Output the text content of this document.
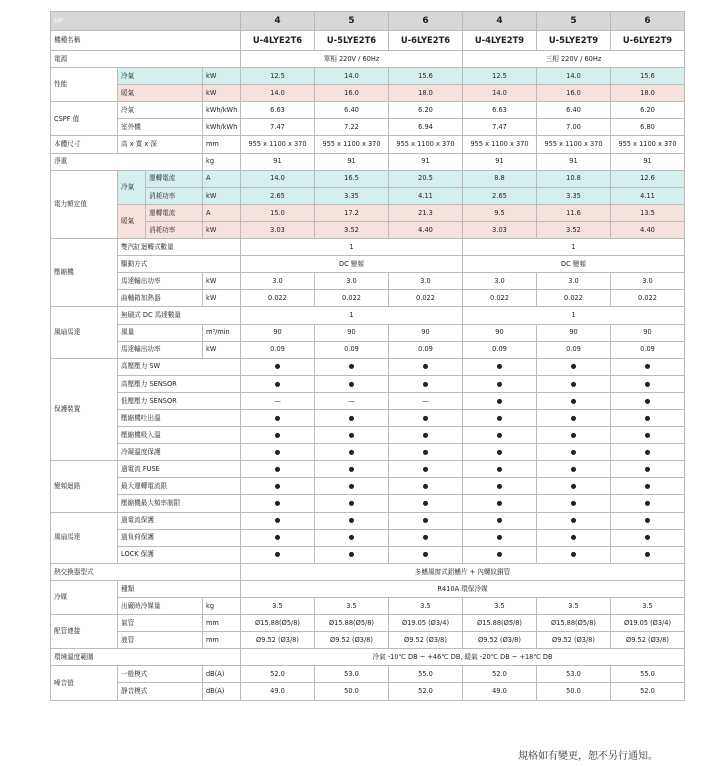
HP				4	5	6	4	5	6
機種名稱				U-4LYE2T6	U-5LYE2T6	U-6LYE2T6	U-4LYE2T9	U-5LYE2T9	U-6LYE2T9
電源				單相 220V / 60Hz			三相 220V / 60Hz		
性能	冷氣		kW	12.5	14.0	15.6	12.5	14.0	15.6
	暖氣		kW	14.0	16.0	18.0	14.0	16.0	18.0
CSPF 值	冷氣		kWh/kWh	6.63	6.40	6.20	6.63	6.40	6.20
	室外機		kWh/kWh	7.47	7.22	6.94	7.47	7.00	6.80
本體尺寸	高 x 寬 x 深		mm	955 x 1100 x 370	955 x 1100 x 370	955 x 1100 x 370	955 x 1100 x 370	955 x 1100 x 370	955 x 1100 x 370
淨重			kg	91	91	91	91	91	91
電力額定值	冷氣	運轉電流	A	14.0	16.5	20.5	8.8	10.8	12.6
		消耗功率	kW	2.65	3.35	4.11	2.65	3.35	4.11
	暖氣	運轉電流	A	15.0	17.2	21.3	9.5	11.6	13.5
		消耗功率	kW	3.03	3.52	4.40	3.03	3.52	4.40
壓縮機	雙汽缸迴轉式數量			1			1		
	驅動方式			DC 變頻			DC 變頻		
	馬達輸出功率		kW	3.0	3.0	3.0	3.0	3.0	3.0
	曲軸箱加熱器		kW	0.022	0.022	0.022	0.022	0.022	0.022
風扇馬達	無刷式 DC 馬達數量			1			1		
	風量		m³/min	90	90	90	90	90	90
	馬達輸出功率		kW	0.09	0.09	0.09	0.09	0.09	0.09
保護裝置	高壓壓力 SW			●	●	●	●	●	●
	高壓壓力 SENSOR			●	●	●	●	●	●
	低壓壓力 SENSOR			—	—	—	●	●	●
	壓縮機吐出溫			●	●	●	●	●	●
	壓縮機吸入溫			●	●	●	●	●	●
	冷凝溫度保護			●	●	●	●	●	●
變頻迴路	過電流 FUSE			●	●	●	●	●	●
	最大運轉電流限			●	●	●	●	●	●
	壓縮機最大頻率制限			●	●	●	●	●	●
風扇馬達	過電流保護			●	●	●	●	●	●
	過負荷保護			●	●	●	●	●	●
	LOCK 保護			●	●	●	●	●	●
熱交換器型式				多鰭風窗式鋁鰭片 + 內螺紋銅管					
冷媒	種類			R410A 環保冷媒					
	出廠時冷媒量		kg	3.5	3.5	3.5	3.5	3.5	3.5
配管連接	氣管		mm	Ø15.88(Ø5/8)	Ø15.88(Ø5/8)	Ø19.05 (Ø3/4)	Ø15.88(Ø5/8)	Ø15.88(Ø5/8)	Ø19.05 (Ø3/4)
	液管		mm	Ø9.52 (Ø3/8)	Ø9.52 (Ø3/8)	Ø9.52 (Ø3/8)	Ø9.52 (Ø3/8)	Ø9.52 (Ø3/8)	Ø9.52 (Ø3/8)
環境溫度範圍				冷氣 -10℃ DB ~ +46℃ DB, 暖氣 -20℃ DB ~ +18℃ DB					
噪音值	一般模式		dB(A)	52.0	53.0	55.0	52.0	53.0	55.0
	靜音模式		dB(A)	49.0	50.0	52.0	49.0	50.0	52.0
規格如有變更，恕不另行通知。
